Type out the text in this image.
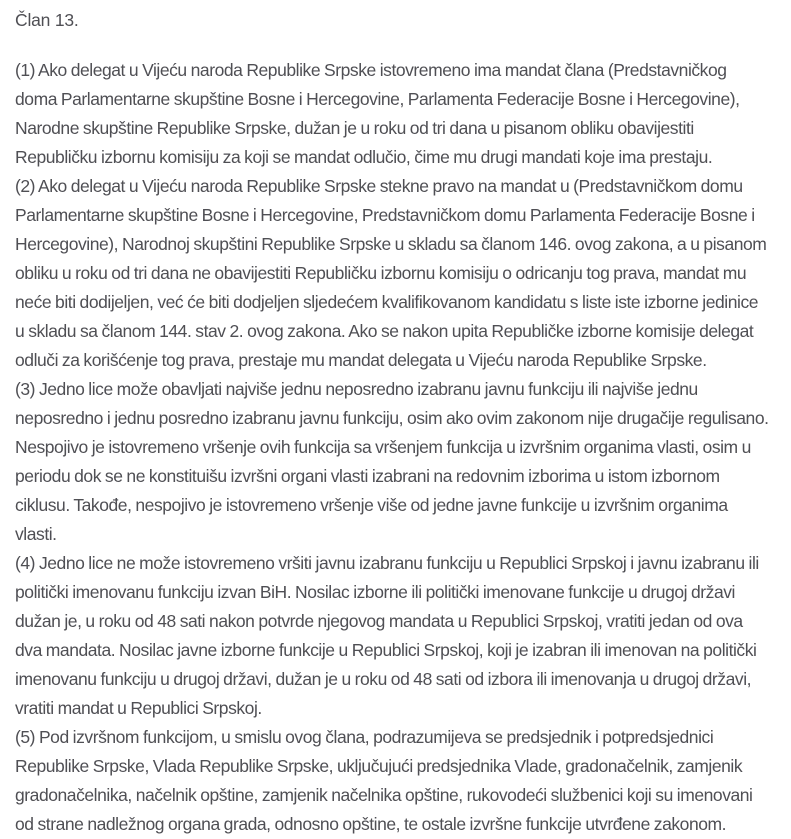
Član 13.

(1) Ako delegat u Vijeću naroda Republike Srpske istovremeno ima mandat člana (Predstavničkog doma Parlamentarne skupštine Bosne i Hercegovine, Parlamenta Federacije Bosne i Hercegovine), Narodne skupštine Republike Srpske, dužan je u roku od tri dana u pisanom obliku obavijestiti Republičku izbornu komisiju za koji se mandat odlučio, čime mu drugi mandati koje ima prestaju.

(2) Ako delegat u Vijeću naroda Republike Srpske stekne pravo na mandat u (Predstavničkom domu Parlamentarne skupštine Bosne i Hercegovine, Predstavničkom domu Parlamenta Federacije Bosne i Hercegovine), Narodnoj skupštini Republike Srpske u skladu sa članom 146. ovog zakona, a u pisanom obliku u roku od tri dana ne obavijestiti Republičku izbornu komisiju o odricanju tog prava, mandat mu neće biti dodijeljen, već će biti dodjeljen sljedećem kvalifikovanom kandidatu s liste iste izborne jedinice u skladu sa članom 144. stav 2. ovog zakona. Ako se nakon upita Republičke izborne komisije delegat odluči za korišćenje tog prava, prestaje mu mandat delegata u Vijeću naroda Republike Srpske.

(3) Jedno lice može obavljati najviše jednu neposredno izabranu javnu funkciju ili najviše jednu neposredno i jednu posredno izabranu javnu funkciju, osim ako ovim zakonom nije drugačije regulisano. Nespojivo je istovremeno vršenje ovih funkcija sa vršenjem funkcija u izvršnim organima vlasti, osim u periodu dok se ne konstituišu izvršni organi vlasti izabrani na redovnim izborima u istom izbornom ciklusu. Takođe, nespojivo je istovremeno vršenje više od jedne javne funkcije u izvršnim organima vlasti.

(4) Jedno lice ne može istovremeno vršiti javnu izabranu funkciju u Republici Srpskoj i javnu izabranu ili politički imenovanu funkciju izvan BiH. Nosilac izborne ili politički imenovane funkcije u drugoj državi dužan je, u roku od 48 sati nakon potvrde njegovog mandata u Republici Srpskoj, vratiti jedan od ova dva mandata. Nosilac javne izborne funkcije u Republici Srpskoj, koji je izabran ili imenovan na politički imenovanu funkciju u drugoj državi, dužan je u roku od 48 sati od izbora ili imenovanja u drugoj državi, vratiti mandat u Republici Srpskoj.

(5) Pod izvršnom funkcijom, u smislu ovog člana, podrazumijeva se predsjednik i potpredsjednici Republike Srpske, Vlada Republike Srpske, uključujući predsjednika Vlade, gradonačelnik, zamjenik gradonačelnika, načelnik opštine, zamjenik načelnika opštine, rukovodeći službenici koji su imenovani od strane nadležnog organa grada, odnosno opštine, te ostale izvršne funkcije utvrđene zakonom.
